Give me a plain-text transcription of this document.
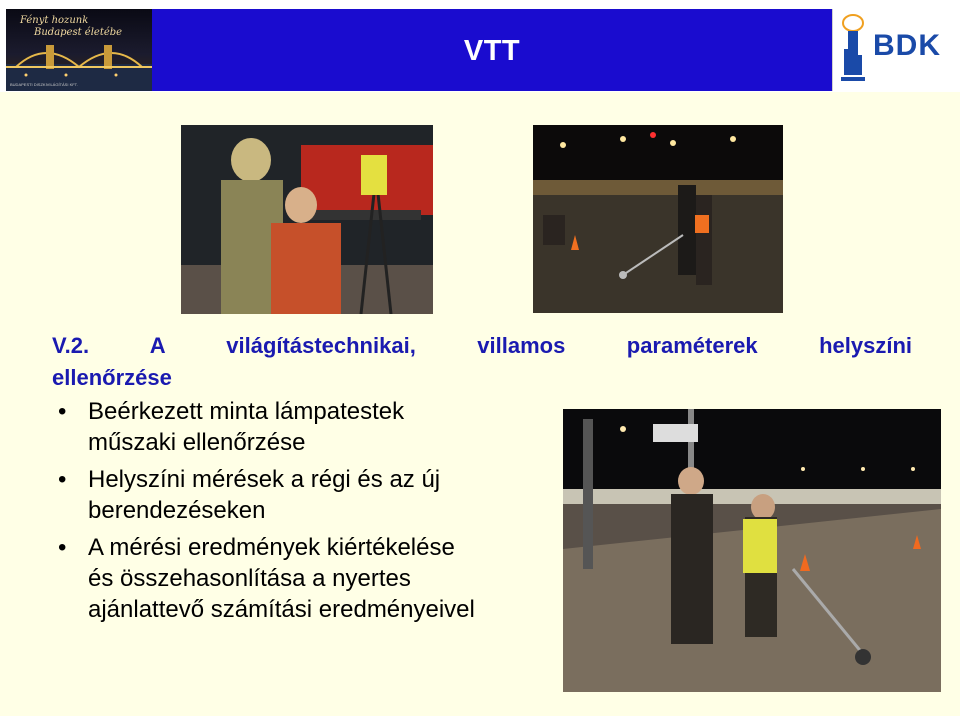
Fényt hozunk
Budapest életébe
BUDAPESTI DISZKIVILÁGÍTÁSI KFT.
VTT	BDK
V.2. A világítástechnikai, villamos paraméterek helyszíni
ellenőrzése
• Beérkezett minta lámpatestek
műszaki ellenőrzése
• Helyszíni mérések a régi és az új
berendezéseken
• A mérési eredmények kiértékelése
és összehasonlítása a nyertes
ajánlattevő számítási eredményeivel
